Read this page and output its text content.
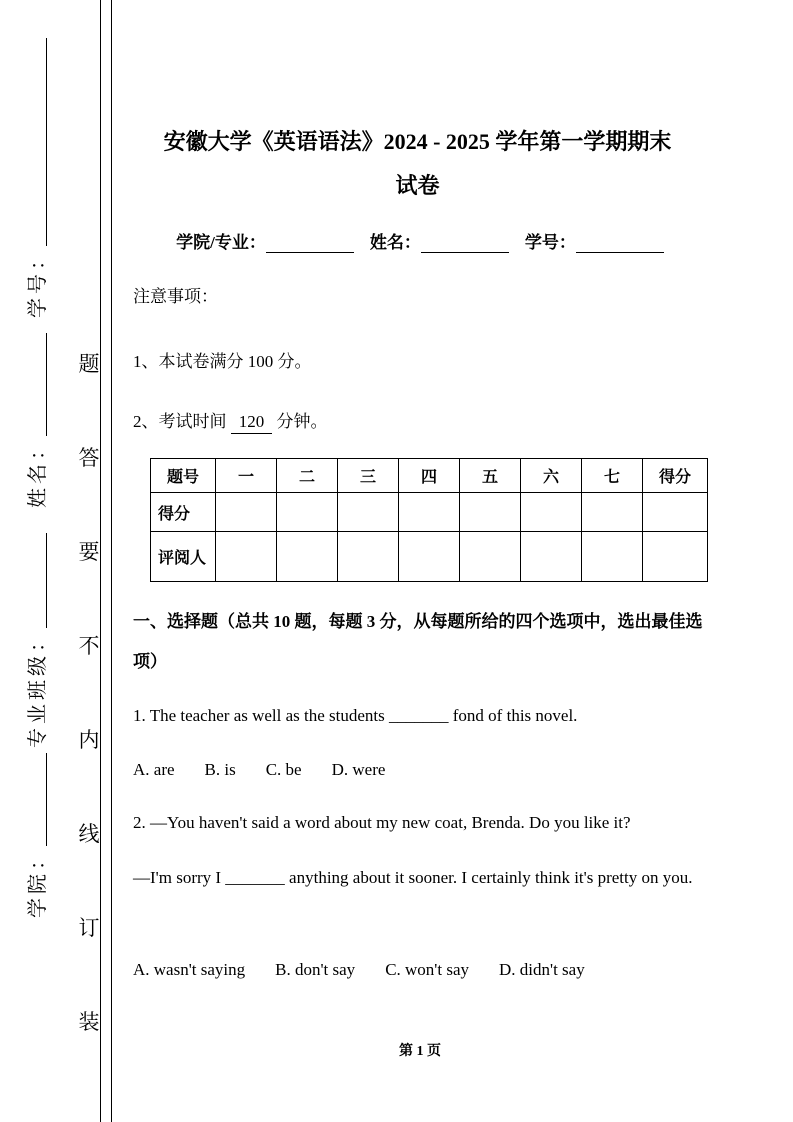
学号：
姓名：
专业班级：
学院：
题
答
要
不
内
线
订
装
安徽大学《英语语法》2024 - 2025 学年第一学期期末
试卷
学院/专业：	姓名：	学号：
注意事项：
1、本试卷满分 100 分。
2、考试时间 120 分钟。
题号	一	二	三	四	五	六	七	得分
得分								
评阅人								
一、选择题（总共 10 题，每题 3 分，从每题所给的四个选项中，选出最佳选项）
1. The teacher as well as the students _______ fond of this novel.
A. are B. is C. be D. were
2. —You haven't said a word about my new coat, Brenda. Do you like it?
—I'm sorry I _______ anything about it sooner. I certainly think it's pretty on you.
A. wasn't saying B. don't say C. won't say D. didn't say
第 1 页
